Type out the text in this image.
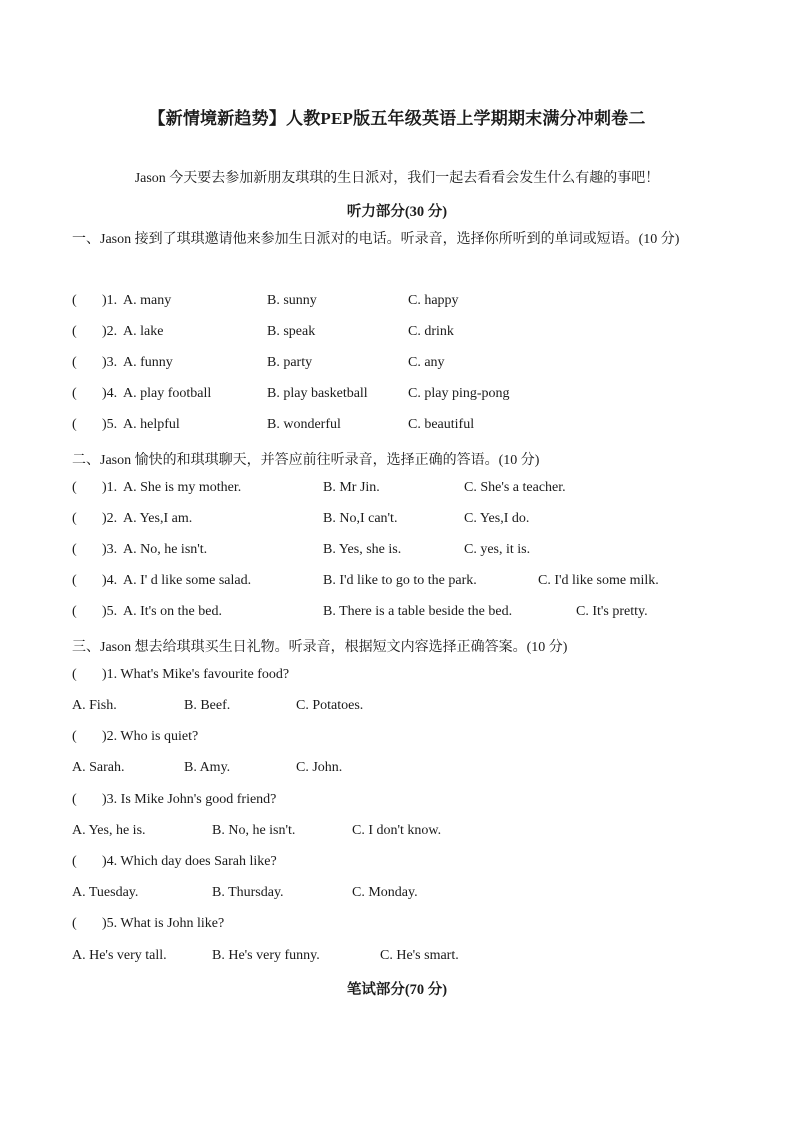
【新情境新趋势】人教PEP版五年级英语上学期期末满分冲刺卷二
Jason 今天要去参加新朋友琪琪的生日派对，我们一起去看看会发生什么有趣的事吧！
听力部分(30 分)
一、Jason 接到了琪琪邀请他来参加生日派对的电话。听录音，选择你所听到的单词或短语。(10 分)
( )1. A. many	B. sunny	C. happy
( )2. A. lake	B. speak	C. drink
( )3. A. funny	B. party	C. any
( )4. A. play football	B. play basketball	C. play ping-pong
( )5. A. helpful	B. wonderful	C. beautiful
二、Jason 愉快的和琪琪聊天，并答应前往听录音，选择正确的答语。(10 分)
( )1. A. She is my mother.	B. Mr Jin.	C. She's a teacher.
( )2. A. Yes,I am.	B. No,I can't.	C. Yes,I do.
( )3. A. No, he isn't.	B. Yes, she is.	C. yes, it is.
( )4. A. I' d like some salad.	B. I'd like to go to the park.	C. I'd like some milk.
( )5. A. It's on the bed.	B. There is a table beside the bed.	C. It's pretty.
三、Jason 想去给琪琪买生日礼物。听录音，根据短文内容选择正确答案。(10 分)
( )1. What's Mike's favourite food?
A. Fish.	B. Beef.	C. Potatoes.
( )2. Who is quiet?
A. Sarah.	B. Amy.	C. John.
( )3. Is Mike John's good friend?
A. Yes, he is.	B. No, he isn't.	C. I don't know.
( )4. Which day does Sarah like?
A. Tuesday.	B. Thursday.	C. Monday.
( )5. What is John like?
A. He's very tall.	B. He's very funny.	C. He's smart.
笔试部分(70 分)
